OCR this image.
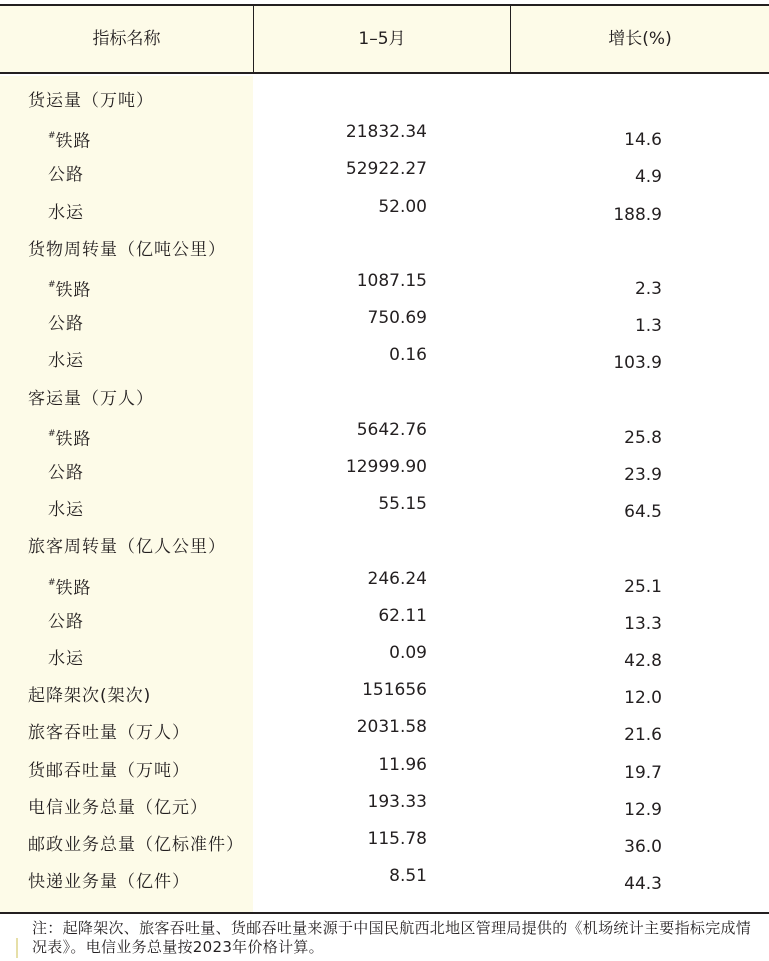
指标名称	1–5月	增长(%)
货运量（万吨）
#铁路	21832.34	14.6
公路	52922.27	4.9
水运	52.00	188.9
货物周转量（亿吨公里）
#铁路	1087.15	2.3
公路	750.69	1.3
水运	0.16	103.9
客运量（万人）
#铁路	5642.76	25.8
公路	12999.90	23.9
水运	55.15	64.5
旅客周转量（亿人公里）
#铁路	246.24	25.1
公路	62.11	13.3
水运	0.09	42.8
起降架次(架次)	151656	12.0
旅客吞吐量（万人）	2031.58	21.6
货邮吞吐量（万吨）	11.96	19.7
电信业务总量（亿元）	193.33	12.9
邮政业务总量（亿标准件）	115.78	36.0
快递业务量（亿件）	8.51	44.3
注：起降架次、旅客吞吐量、货邮吞吐量来源于中国民航西北地区管理局提供的《机场统计主要指标完成情况表》。电信业务总量按2023年价格计算。
